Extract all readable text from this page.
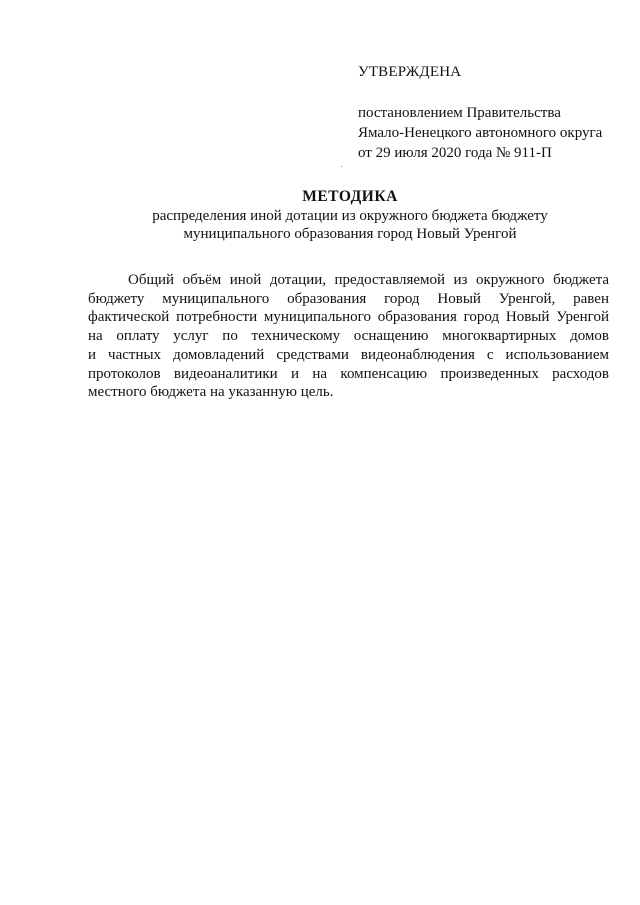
УТВЕРЖДЕНА
постановлением Правительства
Ямало-Ненецкого автономного округа
от 29 июля 2020 года № 911-П
МЕТОДИКА
распределения иной дотации из окружного бюджета бюджету
муниципального образования город Новый Уренгой
Общий объём иной дотации, предоставляемой из окружного бюджета
бюджету муниципального образования город Новый Уренгой, равен
фактической потребности муниципального образования город Новый Уренгой
на оплату услуг по техническому оснащению многоквартирных домов
и частных домовладений средствами видеонаблюдения с использованием
протоколов видеоаналитики и на компенсацию произведенных расходов
местного бюджета на указанную цель.
